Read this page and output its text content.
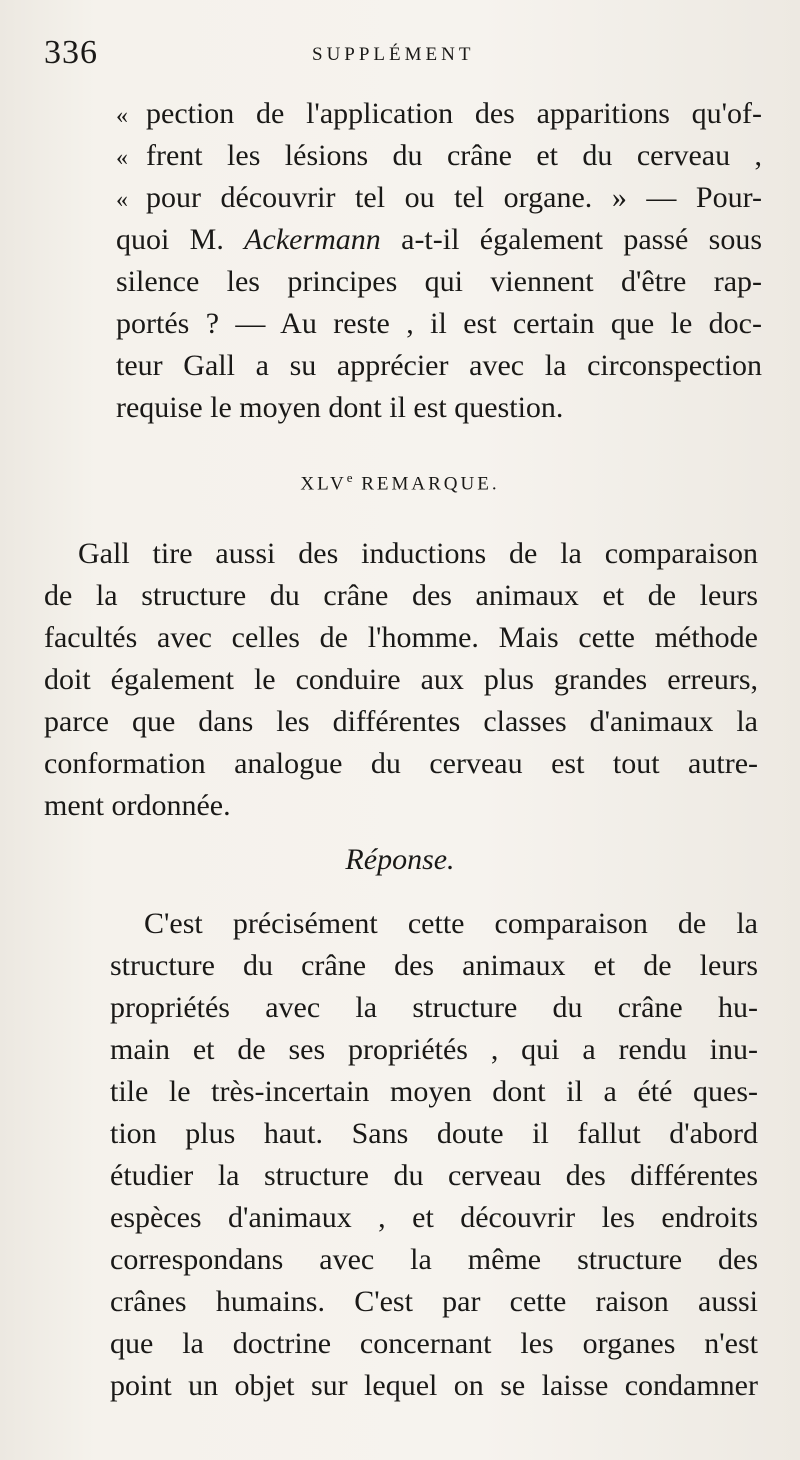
336	SUPPLÉMENT
« pection de l'application des apparitions qu'of-
« frent les lésions du crâne et du cerveau ,
« pour découvrir tel ou tel organe. » — Pour-
quoi M. Ackermann a-t-il également passé sous
silence les principes qui viennent d'être rap-
portés ? — Au reste , il est certain que le doc-
teur Gall a su apprécier avec la circonspection
requise le moyen dont il est question.
XLVe REMARQUE.
Gall tire aussi des inductions de la comparaison
de la structure du crâne des animaux et de leurs
facultés avec celles de l'homme. Mais cette méthode
doit également le conduire aux plus grandes erreurs,
parce que dans les différentes classes d'animaux la
conformation analogue du cerveau est tout autre-
ment ordonnée.
Réponse.
C'est précisément cette comparaison de la
structure du crâne des animaux et de leurs
propriétés avec la structure du crâne hu-
main et de ses propriétés , qui a rendu inu-
tile le très-incertain moyen dont il a été ques-
tion plus haut. Sans doute il fallut d'abord
étudier la structure du cerveau des différentes
espèces d'animaux , et découvrir les endroits
correspondans avec la même structure des
crânes humains. C'est par cette raison aussi
que la doctrine concernant les organes n'est
point un objet sur lequel on se laisse condamner
